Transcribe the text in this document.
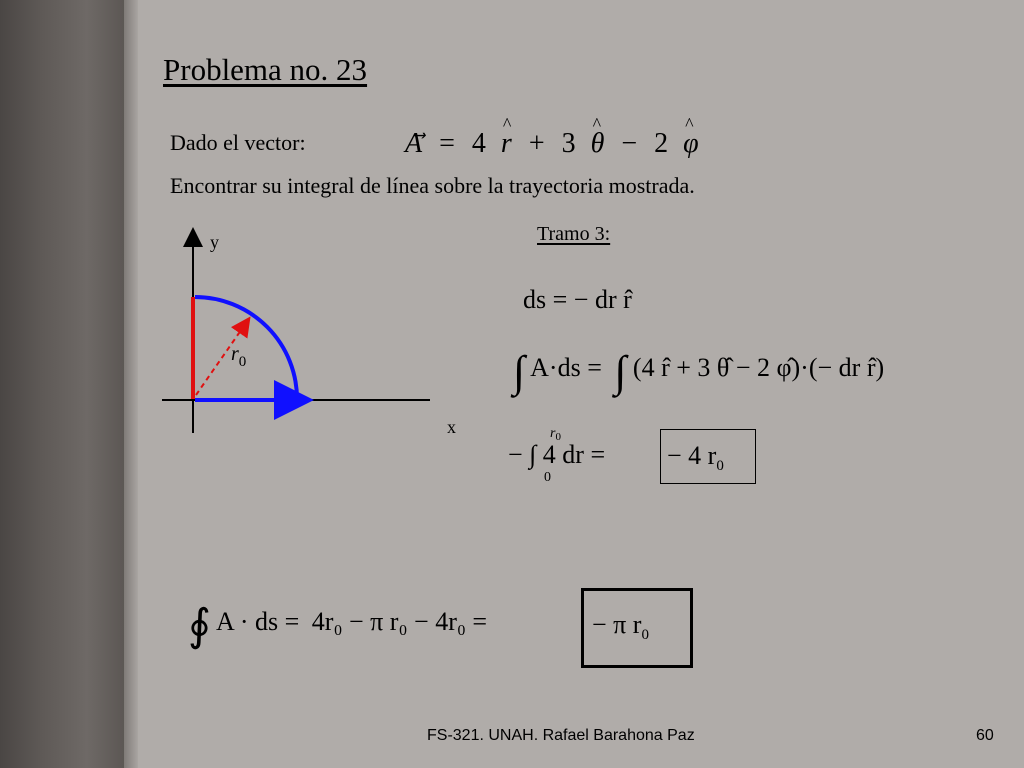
Problema no. 23
Dado el vector:	A ⃗ = 4 r ^ + 3 θ ^ − 2 φ ^
Encontrar su integral de línea sobre la trayectoria mostrada.
Tramo 3:
y
x
$r_0$
ds = − dr r̂
∫ A·ds = ∫ (4 r̂ + 3 θ̂ − 2 φ̂)·(− dr r̂)
− ∫ 4 dr =
0
$r_0$
− 4 $r_0$
∮ A · ds = 4r₀ − π r₀ − 4r₀ =	− π $r_0$
FS-321. UNAH. Rafael Barahona Paz	60
